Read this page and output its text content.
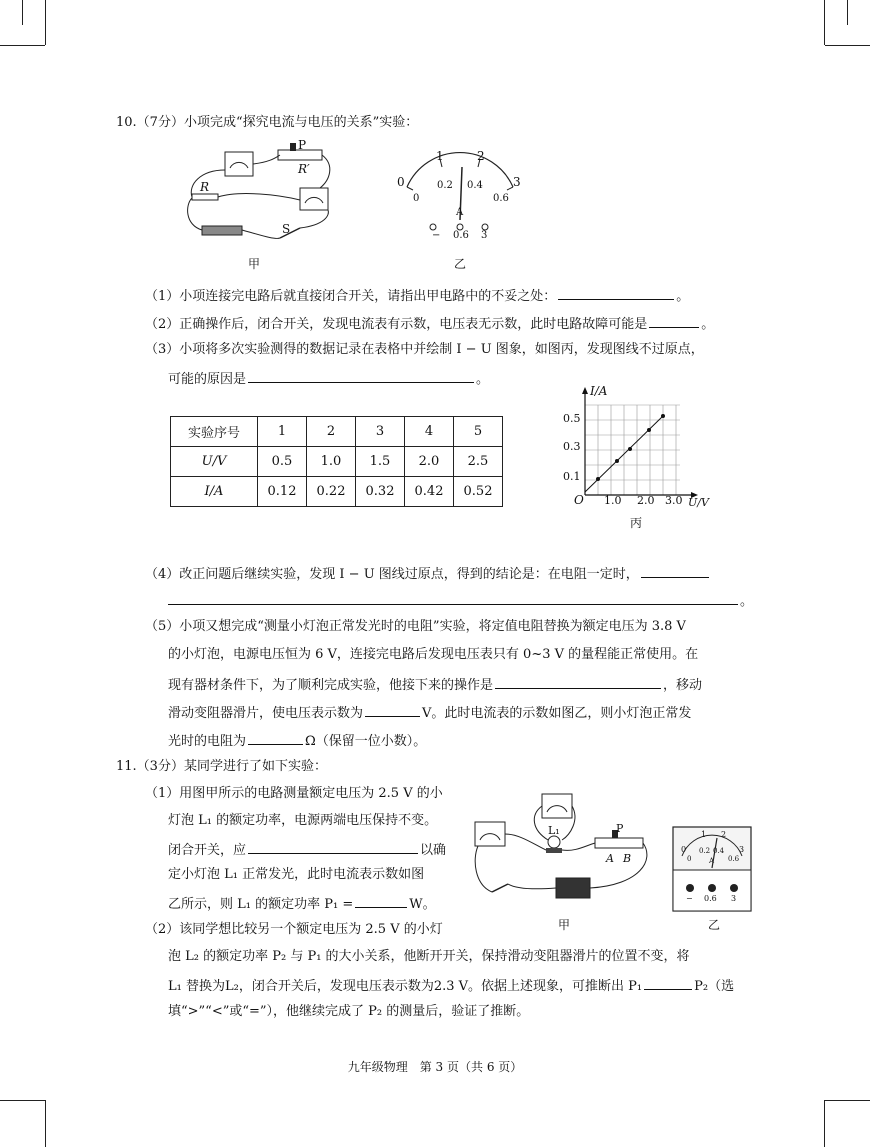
10.（7分）小项完成“探究电流与电压的关系”实验：
P
R′
R
S
甲
0
1	2
3
0
0.2 0.4
0.6
A
− 0.6 3
乙
（1）小项连接完电路后就直接闭合开关，请指出甲电路中的不妥之处：	。
（2）正确操作后，闭合开关，发现电流表有示数，电压表无示数，此时电路故障可能是	。
（3）小项将多次实验测得的数据记录在表格中并绘制 I − U 图象，如图丙，发现图线不过原点，
可能的原因是	。
实验序号	1	2	3	4	5
U/V	0.5	1.0	1.5	2.0	2.5
I/A	0.12	0.22	0.32	0.42	0.52
I/A
U/V
O
0.1
0.3
0.5
1.0 2.0 3.0
丙
（4）改正问题后继续实验，发现 I − U 图线过原点，得到的结论是：在电阻一定时，
。
（5）小项又想完成“测量小灯泡正常发光时的电阻”实验，将定值电阻替换为额定电压为 3.8 V
的小灯泡，电源电压恒为 6 V，连接完电路后发现电压表只有 0~3 V 的量程能正常使用。在
现有器材条件下，为了顺利完成实验，他接下来的操作是	，移动
滑动变阻器滑片，使电压表示数为	V。此时电流表的示数如图乙，则小灯泡正常发
光时的电阻为	Ω（保留一位小数）。
11.（3分）某同学进行了如下实验：
（1）用图甲所示的电路测量额定电压为 2.5 V 的小
灯泡 L₁ 的额定功率，电源两端电压保持不变。
闭合开关，应	以确
定小灯泡 L₁ 正常发光，此时电流表示数如图
乙所示，则 L₁ 的额定功率 P₁ =	W。
（2）该同学想比较另一个额定电压为 2.5 V 的小灯
泡 L₂ 的额定功率 P₂ 与 P₁ 的大小关系，他断开开关，保持滑动变阻器滑片的位置不变，将
L₁ 替换为L₂，闭合开关后，发现电压表示数为2.3 V。依据上述现象，可推断出 P₁	P₂（选
填“>”“<”或“=”），他继续完成了 P₂ 的测量后，验证了推断。
L₁	P
A B
甲
0
1 2
3
0
0.2 0.4
0.6
A
− 0.6 3
乙
九年级物理　第 3 页（共 6 页）
